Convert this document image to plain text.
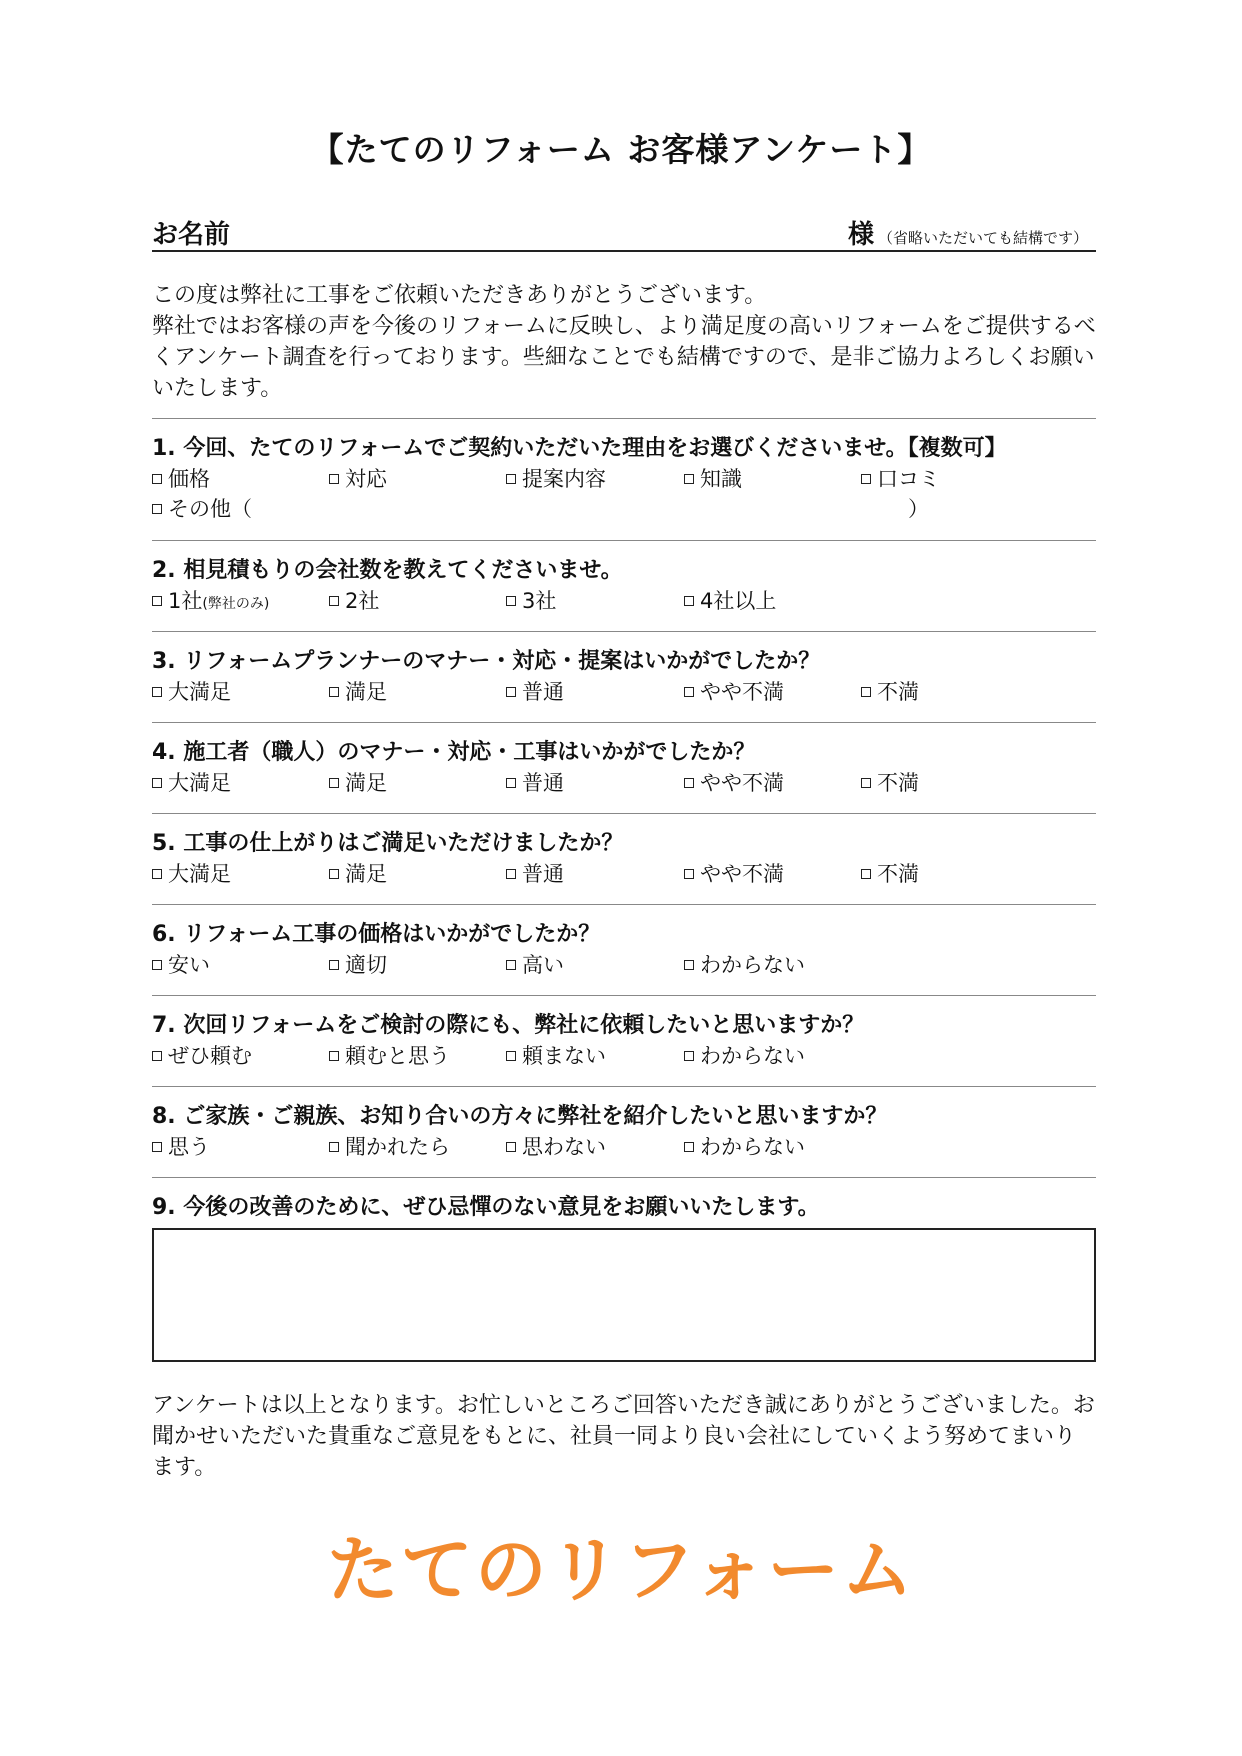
【たてのリフォーム お客様アンケート】
お名前	様 （省略いただいても結構です）

この度は弊社に工事をご依頼いただきありがとうございます。

弊社ではお客様の声を今後のリフォームに反映し、より満足度の高いリフォームをご提供するべくアンケート調査を行っております。些細なことでも結構ですので、是非ご協力よろしくお願いいたします。

1. 今回、たてのリフォームでご契約いただいた理由をお選びくださいませ。【複数可】
価格	対応	提案内容	知識	口コミ
その他（	）
2. 相見積もりの会社数を教えてくださいませ。
1社(弊社のみ)	2社	3社	4社以上
3. リフォームプランナーのマナー・対応・提案はいかがでしたか？
大満足	満足	普通	やや不満	不満
4. 施工者（職人）のマナー・対応・工事はいかがでしたか？
大満足	満足	普通	やや不満	不満
5. 工事の仕上がりはご満足いただけましたか？
大満足	満足	普通	やや不満	不満
6. リフォーム工事の価格はいかがでしたか？
安い	適切	高い	わからない
7. 次回リフォームをご検討の際にも、弊社に依頼したいと思いますか？
ぜひ頼む	頼むと思う	頼まない	わからない
8. ご家族・ご親族、お知り合いの方々に弊社を紹介したいと思いますか？
思う	聞かれたら	思わない	わからない
9. 今後の改善のために、ぜひ忌憚のない意見をお願いいたします。

アンケートは以上となります。お忙しいところご回答いただき誠にありがとうございました。お聞かせいただいた貴重なご意見をもとに、社員一同より良い会社にしていくよう努めてまいります。

たてのリフォーム
